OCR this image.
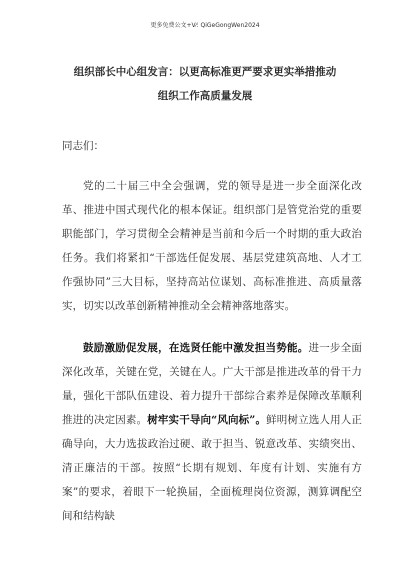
更多免费公文+V⁄: QiGeGongWen2024
组织部长中心组发言：以更高标准更严要求更实举措推动
组织工作高质量发展
同志们：

党的二十届三中全会强调，党的领导是进一步全面深化改革、推进中国式现代化的根本保证。组织部门是管党治党的重要职能部门，学习贯彻全会精神是当前和今后一个时期的重大政治任务。我们将紧扣“干部选任促发展、基层党建筑高地、人才工作强协同”三大目标，坚持高站位谋划、高标准推进、高质量落实，切实以改革创新精神推动全会精神落地落实。

鼓励激励促发展，在选贤任能中激发担当势能。进一步全面深化改革，关键在党，关键在人。广大干部是推进改革的骨干力量，强化干部队伍建设、着力提升干部综合素养是保障改革顺利推进的决定因素。树牢实干导向“风向标”。鲜明树立选人用人正确导向，大力选拔政治过硬、敢于担当、锐意改革、实绩突出、清正廉洁的干部。按照“长期有规划、年度有计划、实施有方案”的要求，着眼下一轮换届，全面梳理岗位资源，测算调配空间和结构缺
